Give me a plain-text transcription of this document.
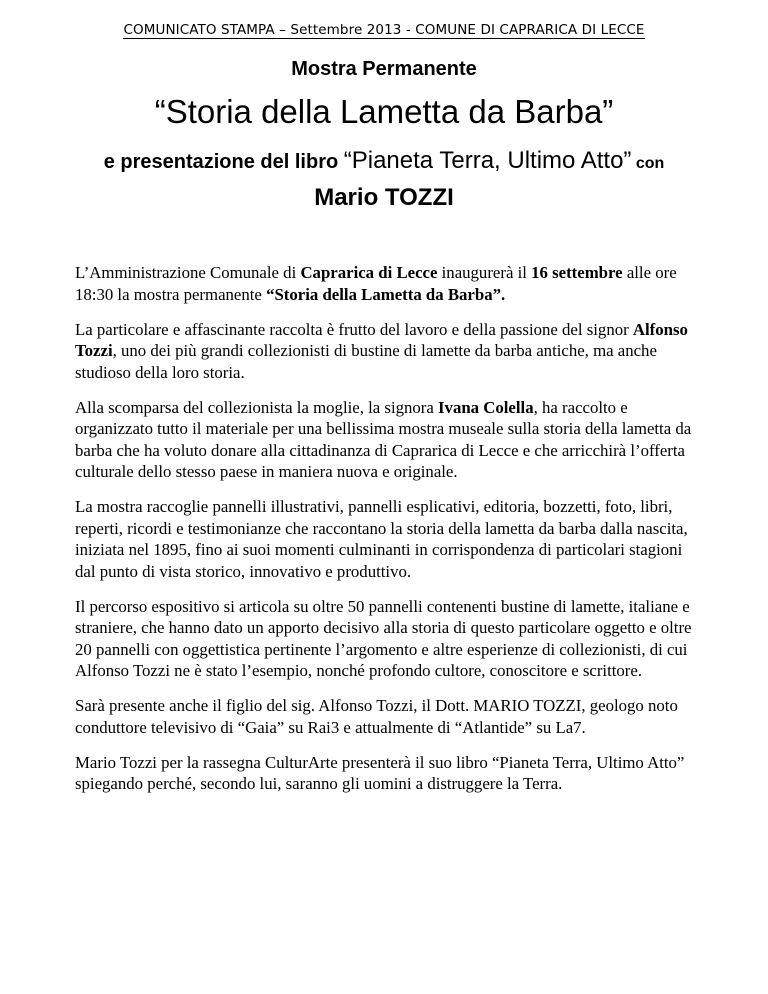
COMUNICATO STAMPA – Settembre 2013 - COMUNE DI CAPRARICA DI LECCE
Mostra Permanente
“Storia della Lametta da Barba”
e presentazione del libro “Pianeta Terra, Ultimo Atto” con Mario TOZZI

L’Amministrazione Comunale di Caprarica di Lecce inaugurerà il 16 settembre alle ore 18:30 la mostra permanente “Storia della Lametta da Barba”.

La particolare e affascinante raccolta è frutto del lavoro e della passione del signor Alfonso Tozzi, uno dei più grandi collezionisti di bustine di lamette da barba antiche, ma anche studioso della loro storia.

Alla scomparsa del collezionista la moglie, la signora Ivana Colella, ha raccolto e organizzato tutto il materiale per una bellissima mostra museale sulla storia della lametta da barba che ha voluto donare alla cittadinanza di Caprarica di Lecce e che arricchirà l’offerta culturale dello stesso paese in maniera nuova e originale.

La mostra raccoglie pannelli illustrativi, pannelli esplicativi, editoria, bozzetti, foto, libri, reperti, ricordi e testimonianze che raccontano la storia della lametta da barba dalla nascita, iniziata nel 1895, fino ai suoi momenti culminanti in corrispondenza di particolari stagioni dal punto di vista storico, innovativo e produttivo.

Il percorso espositivo si articola su oltre 50 pannelli contenenti bustine di lamette, italiane e straniere, che hanno dato un apporto decisivo alla storia di questo particolare oggetto e oltre 20 pannelli con oggettistica pertinente l’argomento e altre esperienze di collezionisti, di cui Alfonso Tozzi ne è stato l’esempio, nonché profondo cultore, conoscitore e scrittore.

Sarà presente anche il figlio del sig. Alfonso Tozzi, il Dott. MARIO TOZZI, geologo noto conduttore televisivo di “Gaia” su Rai3 e attualmente di “Atlantide” su La7.

Mario Tozzi per la rassegna CulturArte presenterà il suo libro “Pianeta Terra, Ultimo Atto” spiegando perché, secondo lui, saranno gli uomini a distruggere la Terra.
